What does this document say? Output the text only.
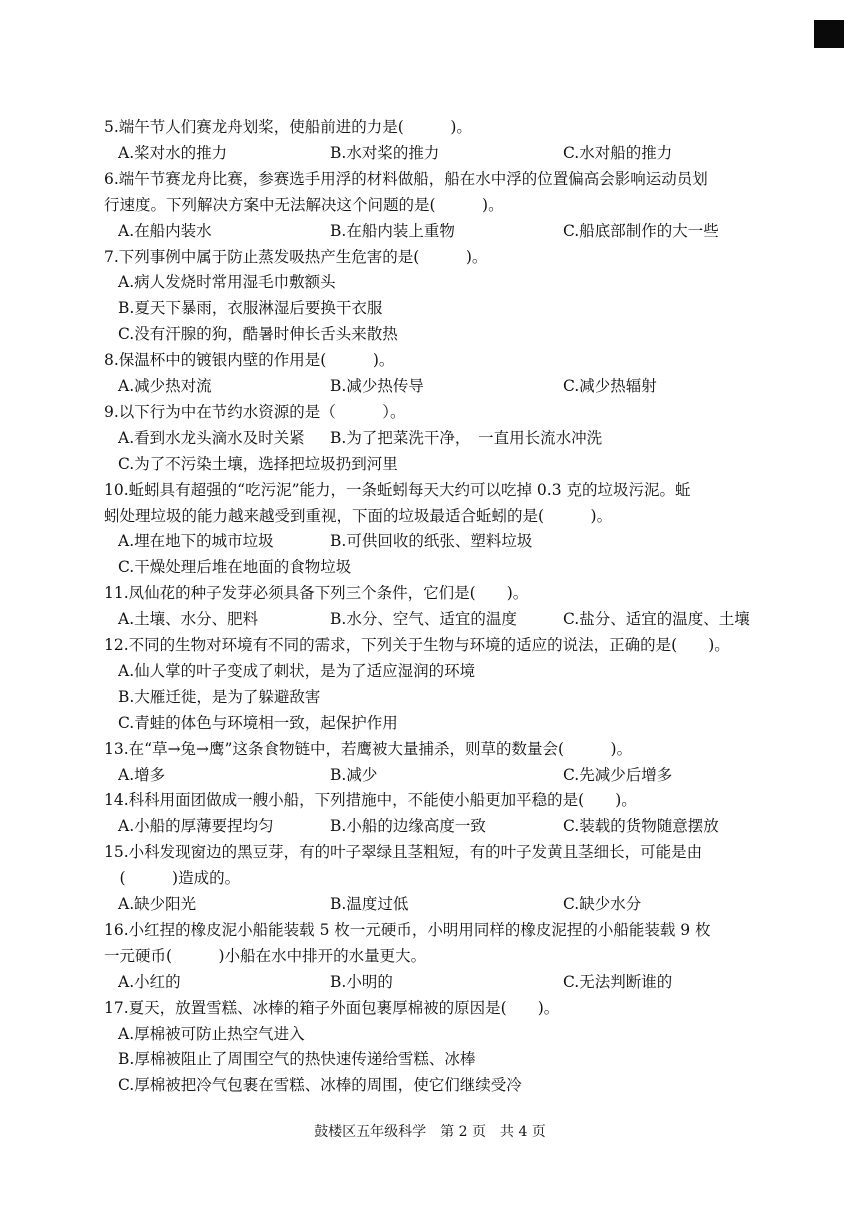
5.端午节人们赛龙舟划桨，使船前进的力是(　　　)。
A.桨对水的推力	B.水对桨的推力	C.水对船的推力
6.端午节赛龙舟比赛，参赛选手用浮的材料做船，船在水中浮的位置偏高会影响运动员划
行速度。下列解决方案中无法解决这个问题的是(　　　)。
A.在船内装水	B.在船内装上重物	C.船底部制作的大一些
7.下列事例中属于防止蒸发吸热产生危害的是(　　　)。
A.病人发烧时常用湿毛巾敷额头
B.夏天下暴雨，衣服淋湿后要换干衣服
C.没有汗腺的狗，酷暑时伸长舌头来散热
8.保温杯中的镀银内壁的作用是(　　　)。
A.减少热对流	B.减少热传导	C.减少热辐射
9.以下行为中在节约水资源的是（　　　）。
A.看到水龙头滴水及时关紧 B.为了把菜洗干净，　一直用长流水冲洗
C.为了不污染土壤，选择把垃圾扔到河里
10.蚯蚓具有超强的“吃污泥”能力，一条蚯蚓每天大约可以吃掉 0.3 克的垃圾污泥。蚯
蚓处理垃圾的能力越来越受到重视，下面的垃圾最适合蚯蚓的是(　　　)。
A.埋在地下的城市垃圾	B.可供回收的纸张、塑料垃圾
C.干燥处理后堆在地面的食物垃圾
11.凤仙花的种子发芽必须具备下列三个条件，它们是(　　)。
A.土壤、水分、肥料	B.水分、空气、适宜的温度	C.盐分、适宜的温度、土壤
12.不同的生物对环境有不同的需求，下列关于生物与环境的适应的说法，正确的是(　　)。
A.仙人掌的叶子变成了刺状，是为了适应湿润的环境
B.大雁迁徙，是为了躲避敌害
C.青蛙的体色与环境相一致，起保护作用
13.在“草→兔→鹰”这条食物链中，若鹰被大量捕杀，则草的数量会(　　　)。
A.增多	B.减少	C.先减少后增多
14.科科用面团做成一艘小船，下列措施中，不能使小船更加平稳的是(　　)。
A.小船的厚薄要捏均匀	B.小船的边缘高度一致	C.装载的货物随意摆放
15.小科发现窗边的黑豆芽，有的叶子翠绿且茎粗短，有的叶子发黄且茎细长，可能是由
　(　　　)造成的。
A.缺少阳光	B.温度过低	C.缺少水分
16.小红捏的橡皮泥小船能装载 5 枚一元硬币，小明用同样的橡皮泥捏的小船能装载 9 枚
一元硬币(　　　)小船在水中排开的水量更大。
A.小红的	B.小明的	C.无法判断谁的
17.夏天，放置雪糕、冰棒的箱子外面包裹厚棉被的原因是(　　)。
A.厚棉被可防止热空气进入
B.厚棉被阻止了周围空气的热快速传递给雪糕、冰棒
C.厚棉被把冷气包裹在雪糕、冰棒的周围，使它们继续受冷
鼓楼区五年级科学　第 2 页　共 4 页
